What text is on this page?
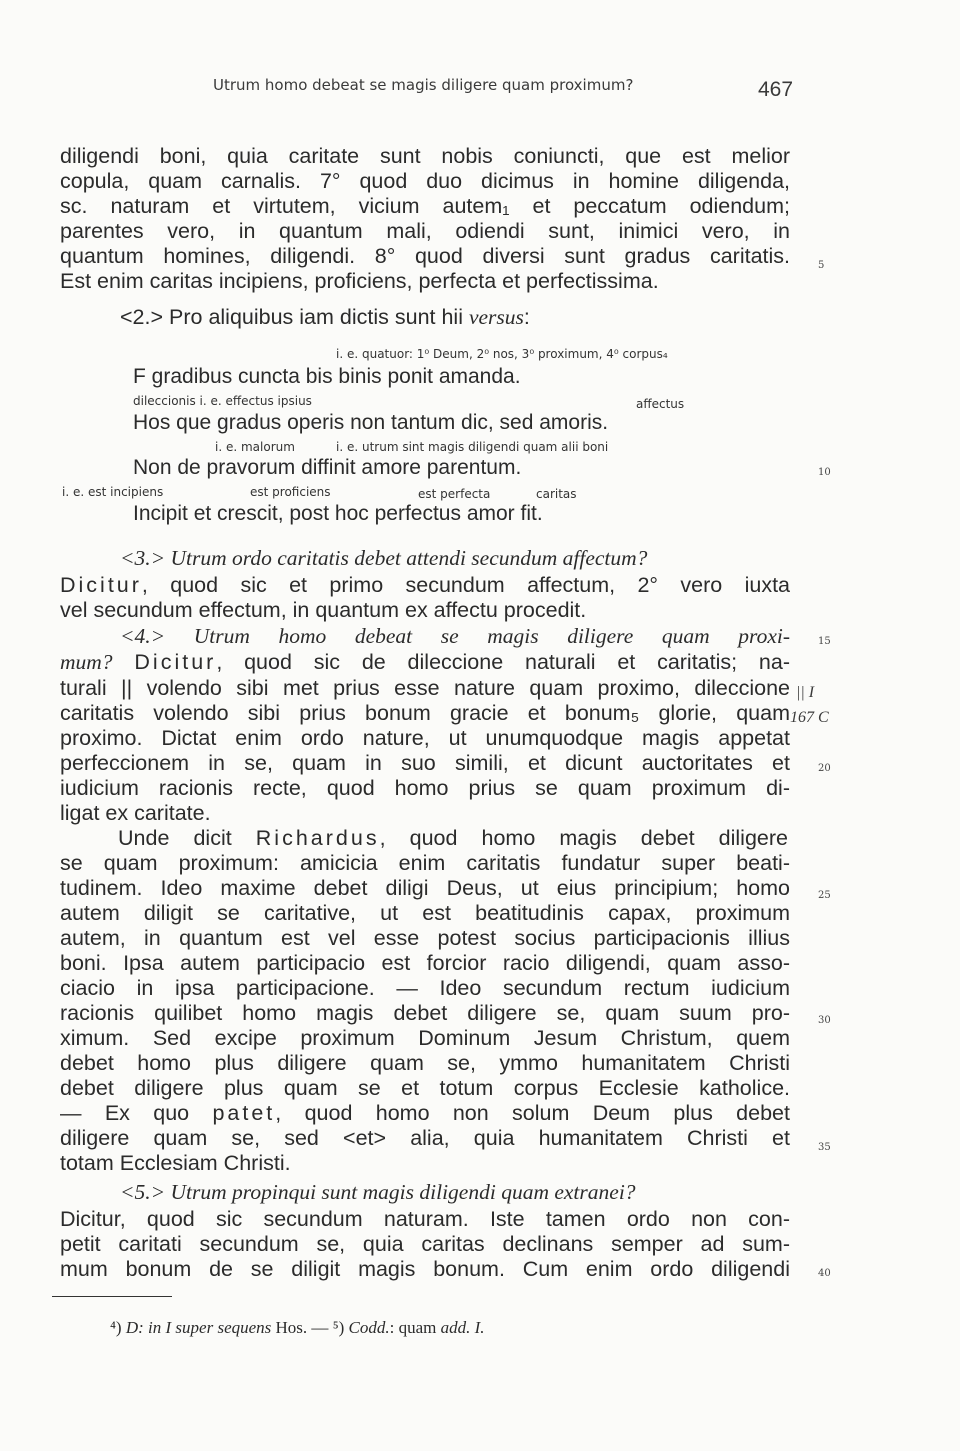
Utrum homo debeat se magis diligere quam proximum?	467

diligendi boni, quia caritate sunt nobis coniuncti, que est melior

copula, quam carnalis. 7° quod duo dicimus in homine diligenda,

sc. naturam et virtutem, vicium autem₁ et peccatum odiendum;

parentes vero, in quantum mali, odiendi sunt, inimici vero, in

quantum homines, diligendi. 8° quod diversi sunt gradus caritatis.

Est enim caritas incipiens, proficiens, perfecta et perfectissima.

<2.> Pro aliquibus iam dictis sunt hii versus:

i. e. quatuor: 1⁰ Deum, 2⁰ nos, 3⁰ proximum, 4⁰ corpus₄
F gradibus cuncta bis binis ponit amanda.
dileccionis i. e. effectus ipsius	affectus
Hos que gradus operis non tantum dic, sed amoris.
i. e. malorum	i. e. utrum sint magis diligendi quam alii boni
Non de pravorum diffinit amore parentum.
i. e. est incipiens	est proficiens	est perfecta	caritas
Incipit et crescit, post hoc perfectus amor fit.

<3.> Utrum ordo caritatis debet attendi secundum affectum?

Dicitur, quod sic et primo secundum affectum, 2° vero iuxta

vel secundum effectum, in quantum ex affectu procedit.

<4.> Utrum homo debeat se magis diligere quam proxi-

mum? Dicitur, quod sic de dileccione naturali et caritatis; na-

turali || volendo sibi met prius esse nature quam proximo, dileccione

caritatis volendo sibi prius bonum gracie et bonum₅ glorie, quam

proximo. Dictat enim ordo nature, ut unumquodque magis appetat

perfeccionem in se, quam in suo simili, et dicunt auctoritates et

iudicium racionis recte, quod homo prius se quam proximum di-

ligat ex caritate.

Unde dicit Richardus, quod homo magis debet diligere

se quam proximum: amicicia enim caritatis fundatur super beati-

tudinem. Ideo maxime debet diligi Deus, ut eius principium; homo

autem diligit se caritative, ut est beatitudinis capax, proximum

autem, in quantum est vel esse potest socius participacionis illius

boni. Ipsa autem participacio est forcior racio diligendi, quam asso-

ciacio in ipsa participacione. — Ideo secundum rectum iudicium

racionis quilibet homo magis debet diligere se, quam suum pro-

ximum. Sed excipe proximum Dominum Jesum Christum, quem

debet homo plus diligere quam se, ymmo humanitatem Christi

debet diligere plus quam se et totum corpus Ecclesie katholice.

— Ex quo patet, quod homo non solum Deum plus debet

diligere quam se, sed <et> alia, quia humanitatem Christi et

totam Ecclesiam Christi.

<5.> Utrum propinqui sunt magis diligendi quam extranei?

Dicitur, quod sic secundum naturam. Iste tamen ordo non con-

petit caritati secundum se, quia caritas declinans semper ad sum-

mum bonum de se diligit magis bonum. Cum enim ordo diligendi

5
10
15
20
25
30
35
40
|| I
167 C
⁴) D: in I super sequens Hos. — ⁵) Codd.: quam add. I.
